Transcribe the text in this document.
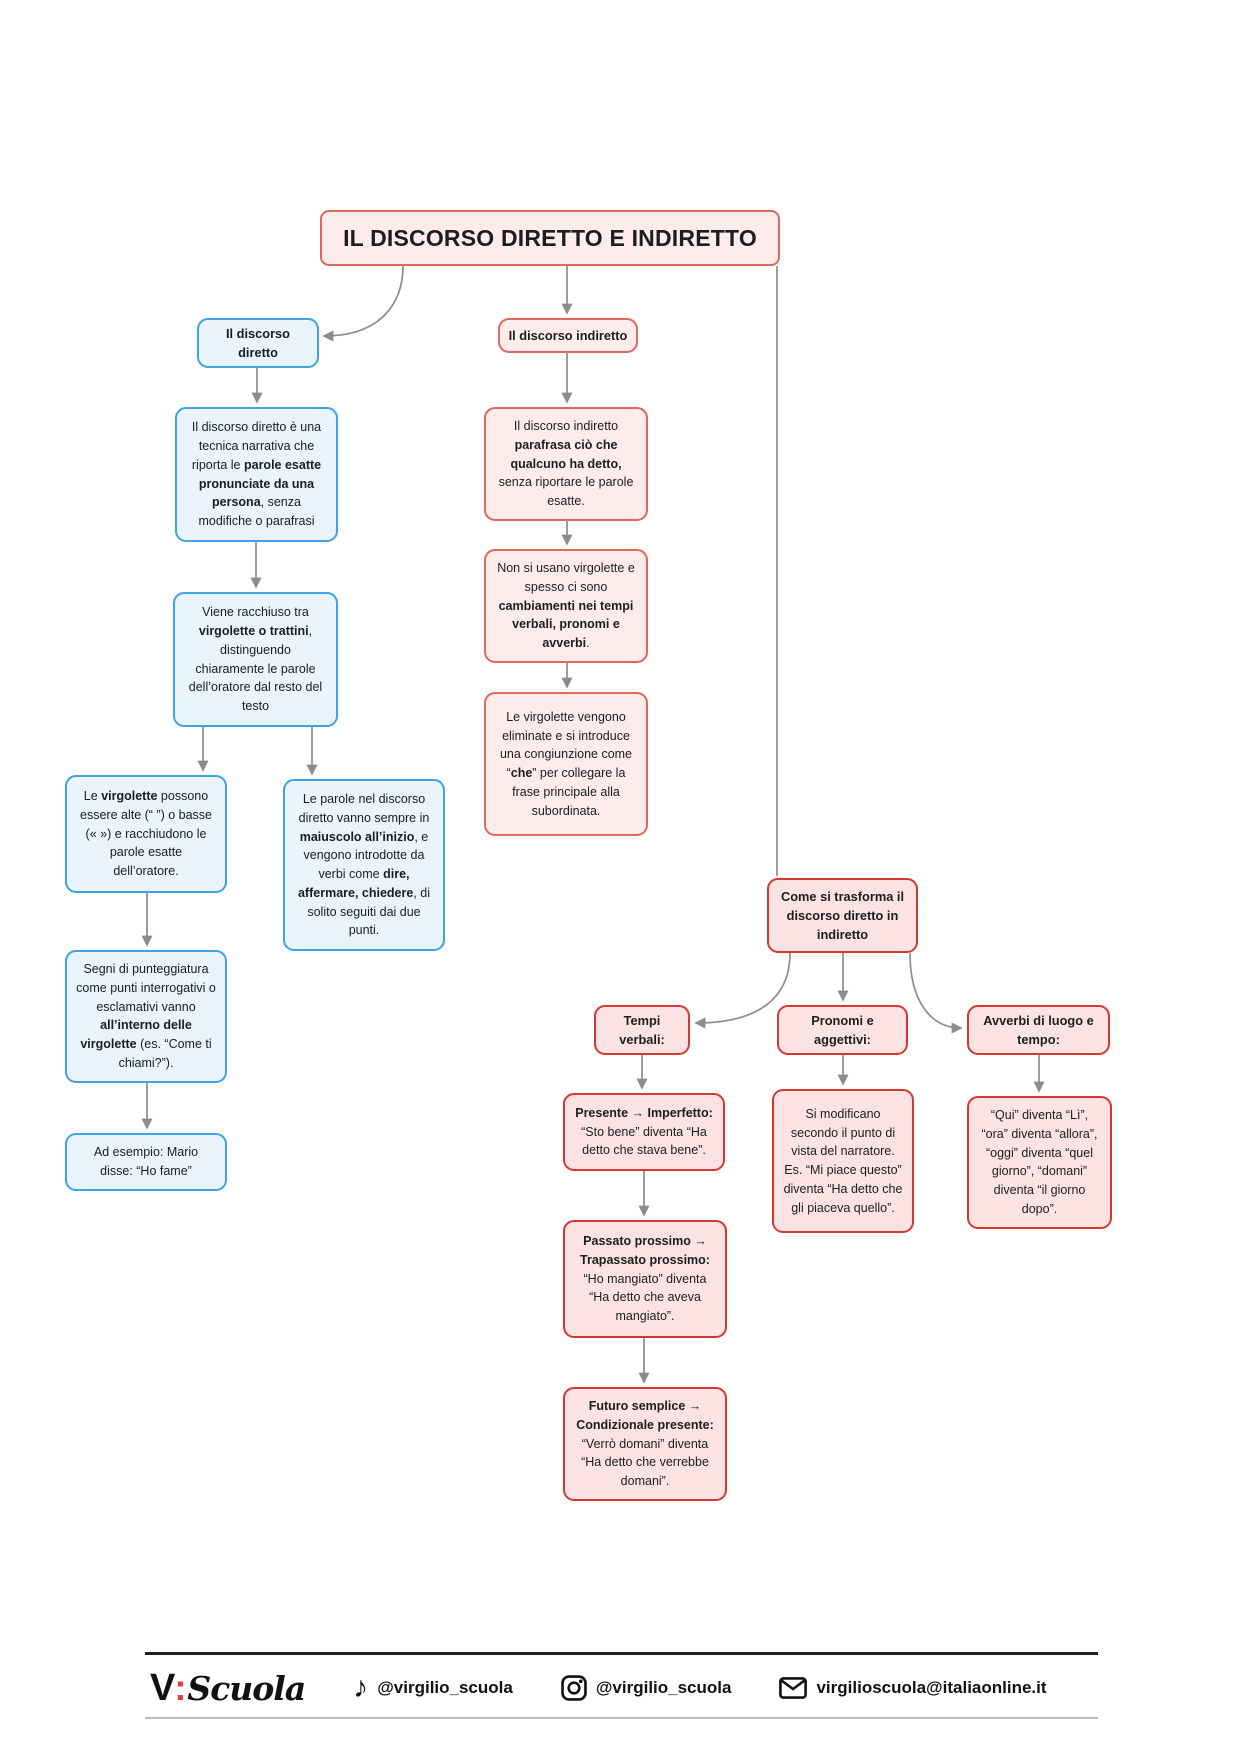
IL DISCORSO DIRETTO E INDIRETTO
Il discorso diretto
Il discorso diretto è una tecnica narrativa che riporta le parole esatte pronunciate da una persona, senza modifiche o parafrasi
Viene racchiuso tra virgolette o trattini, distinguendo chiaramente le parole dell’oratore dal resto del testo
Le virgolette possono essere alte (“ ”) o basse (« ») e racchiudono le parole esatte dell’oratore.
Segni di punteggiatura come punti interrogativi o esclamativi vanno all’interno delle virgolette (es. “Come ti chiami?”).
Ad esempio: Mario disse: “Ho fame”
Le parole nel discorso diretto vanno sempre in maiuscolo all’inizio, e vengono introdotte da verbi come dire, affermare, chiedere, di solito seguiti dai due punti.
Il discorso indiretto
Il discorso indiretto parafrasa ciò che qualcuno ha detto, senza riportare le parole esatte.
Non si usano virgolette e spesso ci sono cambiamenti nei tempi verbali, pronomi e avverbi.
Le virgolette vengono eliminate e si introduce una congiunzione come “che” per collegare la frase principale alla subordinata.
Come si trasforma il discorso diretto in indiretto
Tempi verbali:
Pronomi e aggettivi:
Avverbi di luogo e tempo:
Presente → Imperfetto: “Sto bene” diventa “Ha detto che stava bene”.
Passato prossimo → Trapassato prossimo: “Ho mangiato” diventa “Ha detto che aveva mangiato”.
Futuro semplice → Condizionale presente: “Verrò domani” diventa “Ha detto che verrebbe domani”.
Si modificano secondo il punto di vista del narratore. Es. “Mi piace questo” diventa “Ha detto che gli piaceva quello”.
“Qui” diventa “Lì”, “ora” diventa “allora”, “oggi” diventa “quel giorno”, “domani” diventa “il giorno dopo”.
V : Scuola ♪ @virgilio_scuola	@virgilio_scuola	virgilioscuola@italiaonline.it
